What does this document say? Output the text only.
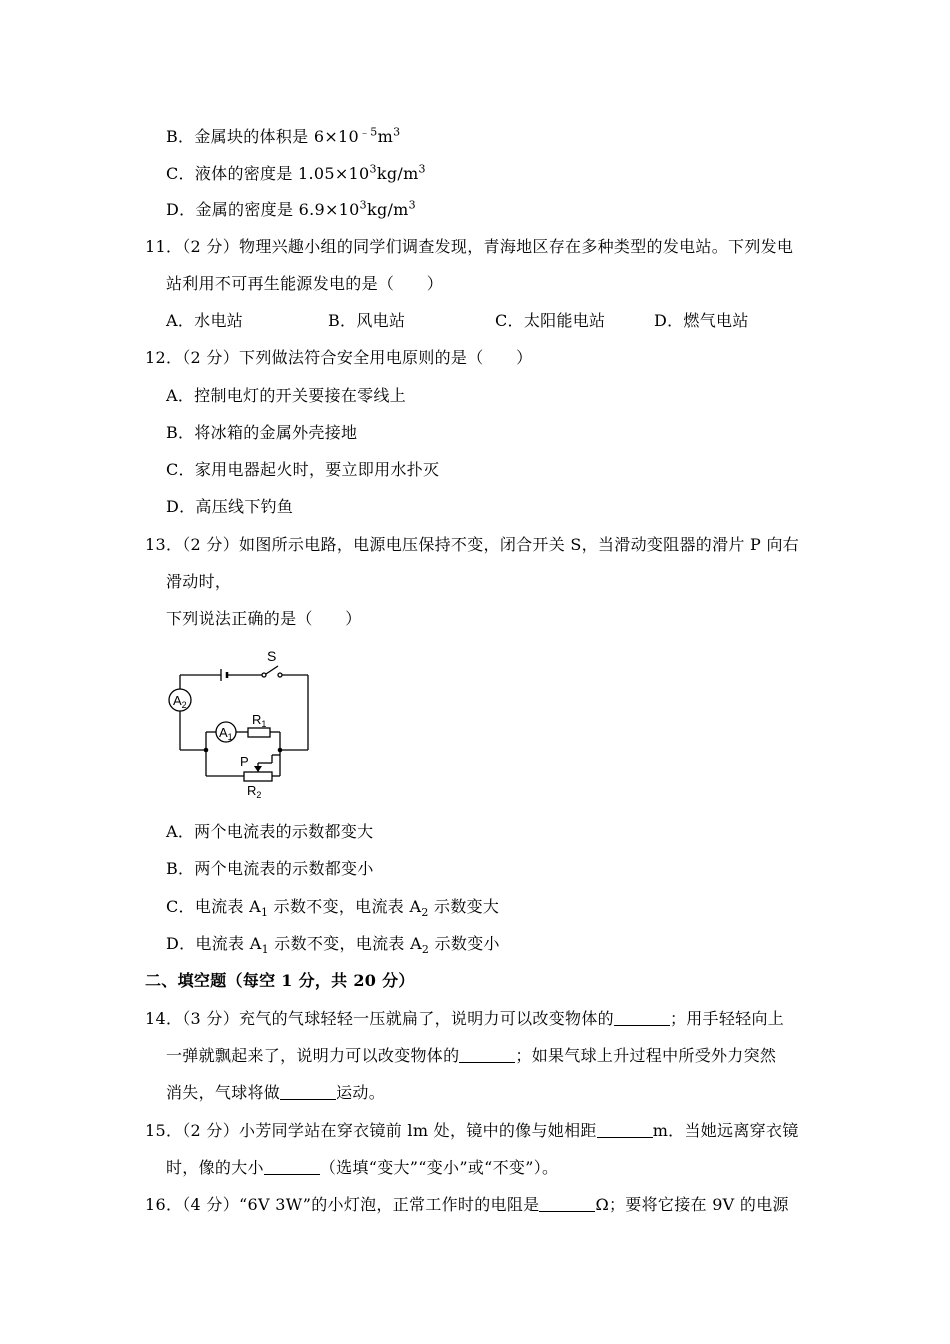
B．金属块的体积是 $6\times 10^{﹣5}m^3$
C．液体的密度是 $1.05\times 10^3kg/m^3$
D．金属的密度是 $6.9\times 10^3kg/m^3$
11．（2 分）物理兴趣小组的同学们调查发现，青海地区存在多种类型的发电站。下列发电
站利用不可再生能源发电的是（　　）
A．水电站	B．风电站	C．太阳能电站	D．燃气电站
12．（2 分）下列做法符合安全用电原则的是（　　）
A．控制电灯的开关要接在零线上
B．将冰箱的金属外壳接地
C．家用电器起火时，要立即用水扑灭
D．高压线下钓鱼
13．（2 分）如图所示电路，电源电压保持不变，闭合开关 S，当滑动变阻器的滑片 P 向右
滑动时，
下列说法正确的是（　　）
S
$A_2$
$A_1$
$R_1$
P
$R_2$
A．两个电流表的示数都变大
B．两个电流表的示数都变小
C．电流表 $A_1$ 示数不变，电流表 $A_2$ 示数变大
D．电流表 $A_1$ 示数不变，电流表 $A_2$ 示数变小
二、填空题（每空 1 分，共 20 分）
14．（3 分）充气的气球轻轻一压就扁了，说明力可以改变物体的	；用手轻轻向上
一弹就飘起来了，说明力可以改变物体的	；如果气球上升过程中所受外力突然
消失，气球将做	运动。
15．（2 分）小芳同学站在穿衣镜前 lm 处，镜中的像与她相距	m．当她远离穿衣镜
时，像的大小	（选填“变大”“变小”或“不变”）。
16．（4 分）“6V 3W”的小灯泡，正常工作时的电阻是	Ω；要将它接在 9V 的电源
